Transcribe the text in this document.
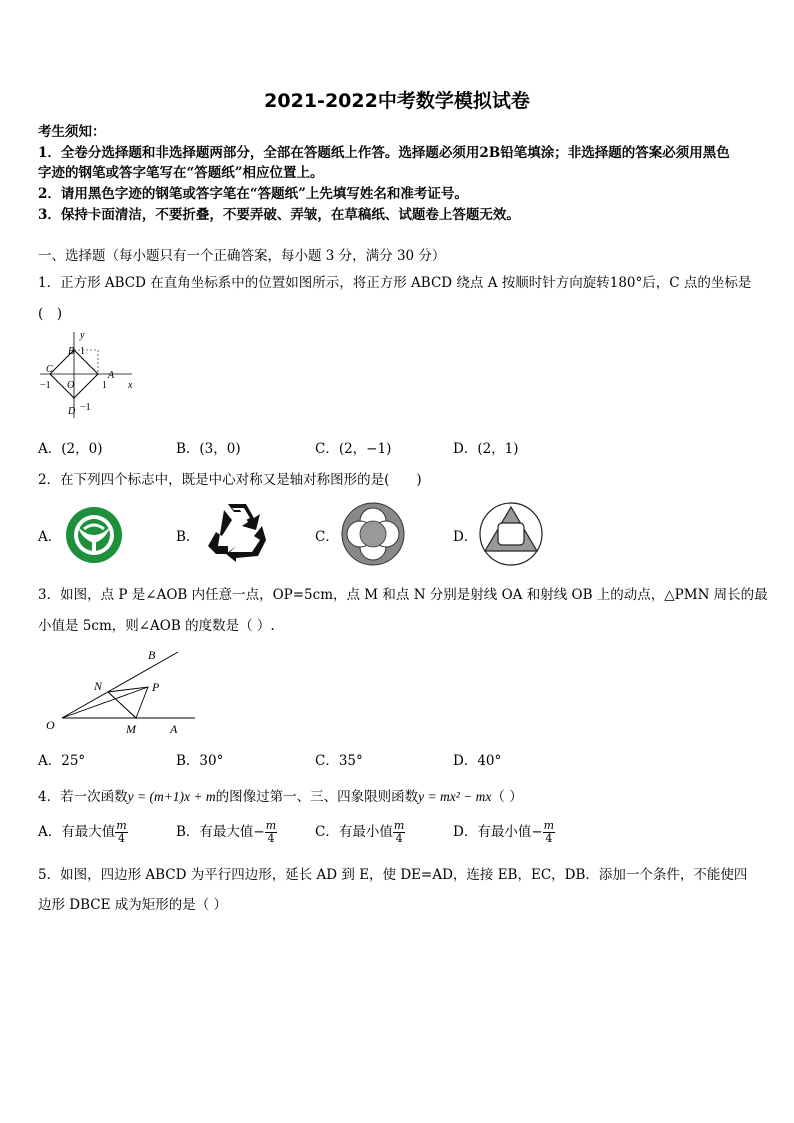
2021-2022中考数学模拟试卷
考生须知：
1．全卷分选择题和非选择题两部分，全部在答题纸上作答。选择题必须用2B铅笔填涂；非选择题的答案必须用黑色
字迹的钢笔或答字笔写在“答题纸”相应位置上。
2．请用黑色字迹的钢笔或答字笔在“答题纸”上先填写姓名和准考证号。
3．保持卡面清洁，不要折叠，不要弄破、弄皱，在草稿纸、试题卷上答题无效。
一、选择题（每小题只有一个正确答案，每小题 3 分，满分 30 分）
1．正方形 ABCD 在直角坐标系中的位置如图所示，将正方形 ABCD 绕点 A 按顺时针方向旋转180°后，C 点的坐标是
(　)
y
x
B 1
C
A
O
−1	1
D −1
A．(2，0)	B．(3，0)	C．(2，−1)	D．(2，1)
2．在下列四个标志中，既是中心对称又是轴对称图形的是(　　)
A．	B．	C．	D．
3．如图，点 P 是∠AOB 内任意一点，OP=5cm，点 M 和点 N 分别是射线 OA 和射线 OB 上的动点，△PMN 周长的最
小值是 5cm，则∠AOB 的度数是（ ）.
B
N	P
O	M	A
A．25°	B．30°	C．35°	D．40°
4．若一次函数y = (m+1)x + m的图像过第一、三、四象限则函数y = mx² − mx（ ）
A．有最大值 $\frac{m}{4}$	B．有最大值− $\frac{m}{4}$	C．有最小值 $\frac{m}{4}$	D．有最小值− $\frac{m}{4}$
5．如图，四边形 ABCD 为平行四边形，延长 AD 到 E，使 DE=AD，连接 EB，EC，DB．添加一个条件，不能使四
边形 DBCE 成为矩形的是（ ）
